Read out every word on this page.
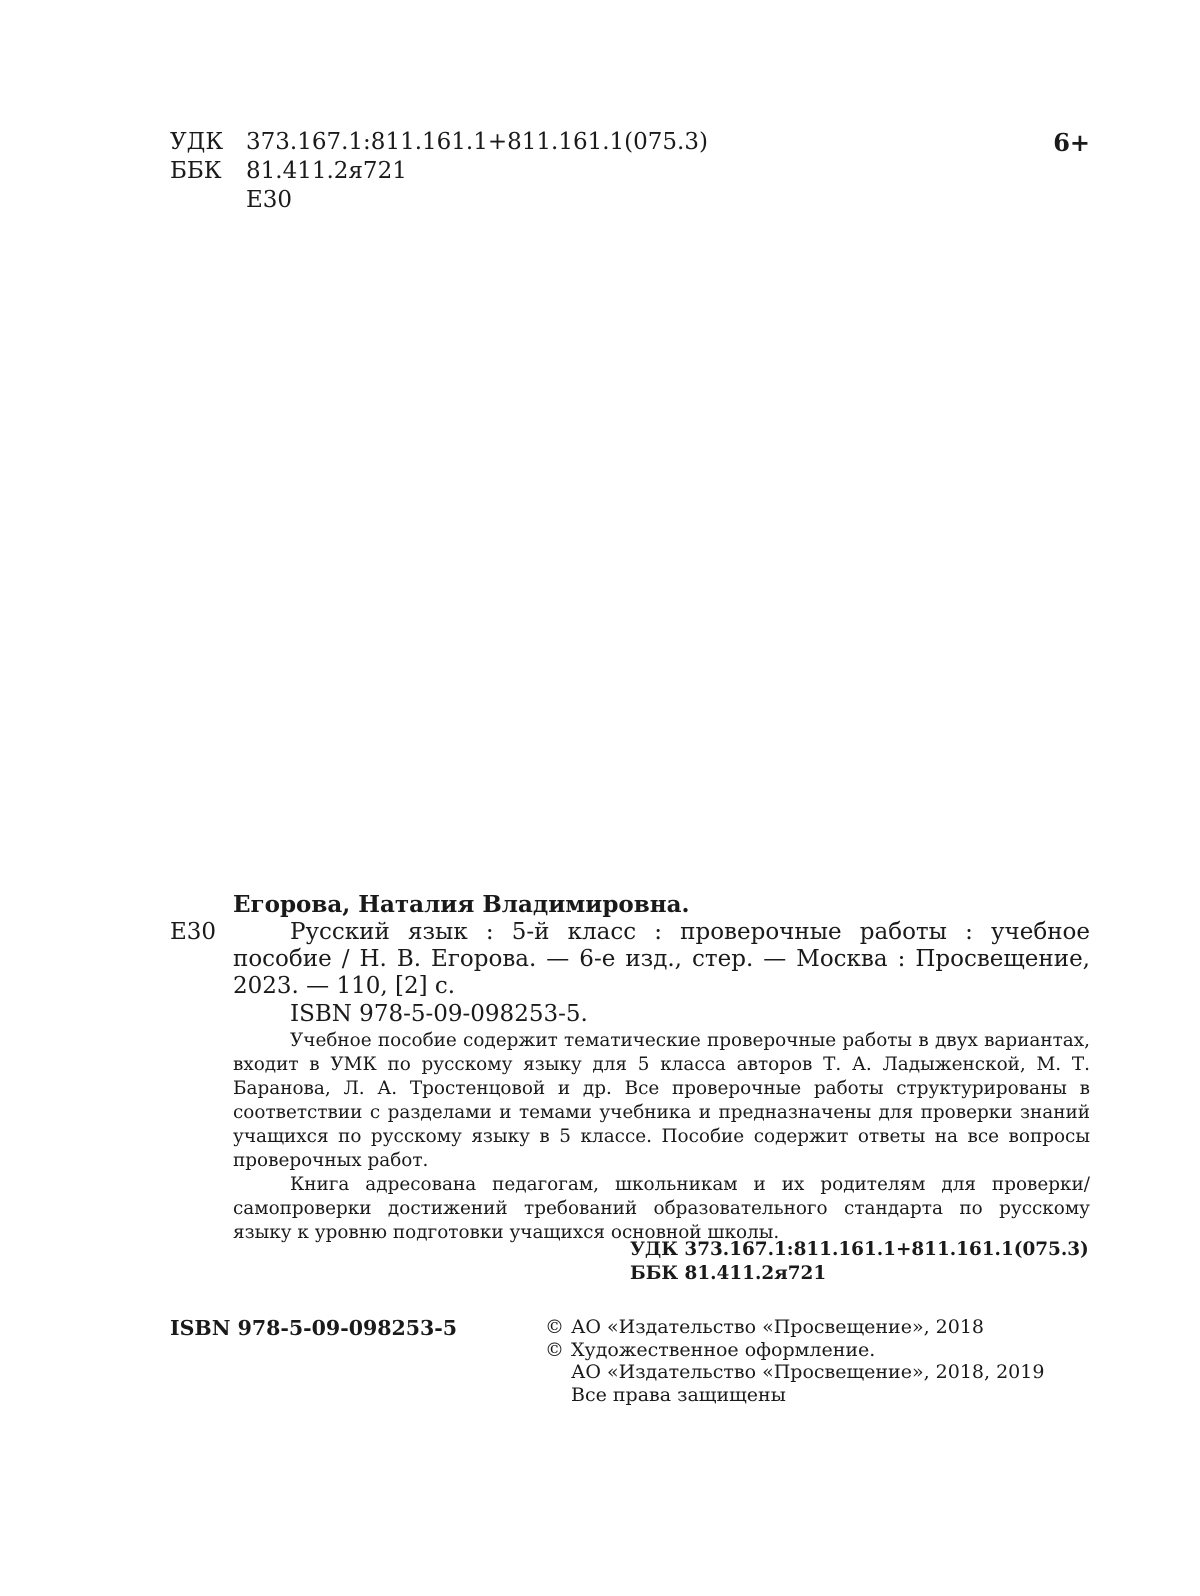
УДК 373.167.1:811.161.1+811.161.1(075.3)
ББК	81.411.2я721
Е30
6+
Егорова, Наталия Владимировна.
Е30	Русский язык : 5-й класс : проверочные работы : учебное пособие / Н. В. Егорова. — 6-е изд., стер. — Москва : Просвещение, 2023. — 110, [2] с.
ISBN 978-5-09-098253-5.

Учебное пособие содержит тематические проверочные работы в двух вариантах, входит в УМК по русскому языку для 5 класса авторов Т. А. Ладыженской, М. Т. Баранова, Л. А. Тростенцовой и др. Все проверочные работы структурированы в соответствии с разделами и темами учебника и предназначены для проверки знаний учащихся по русскому языку в 5 классе. Пособие содержит ответы на все вопросы проверочных работ.

Книга адресована педагогам, школьникам и их родителям для проверки/самопроверки достижений требований образовательного стандарта по русскому языку к уровню подготовки учащихся основной школы.

УДК 373.167.1:811.161.1+811.161.1(075.3)
ББК 81.411.2я721
ISBN 978-5-09-098253-5	© АО «Издательство «Просвещение», 2018
© Художественное оформление.
АО «Издательство «Просвещение», 2018, 2019
Все права защищены
